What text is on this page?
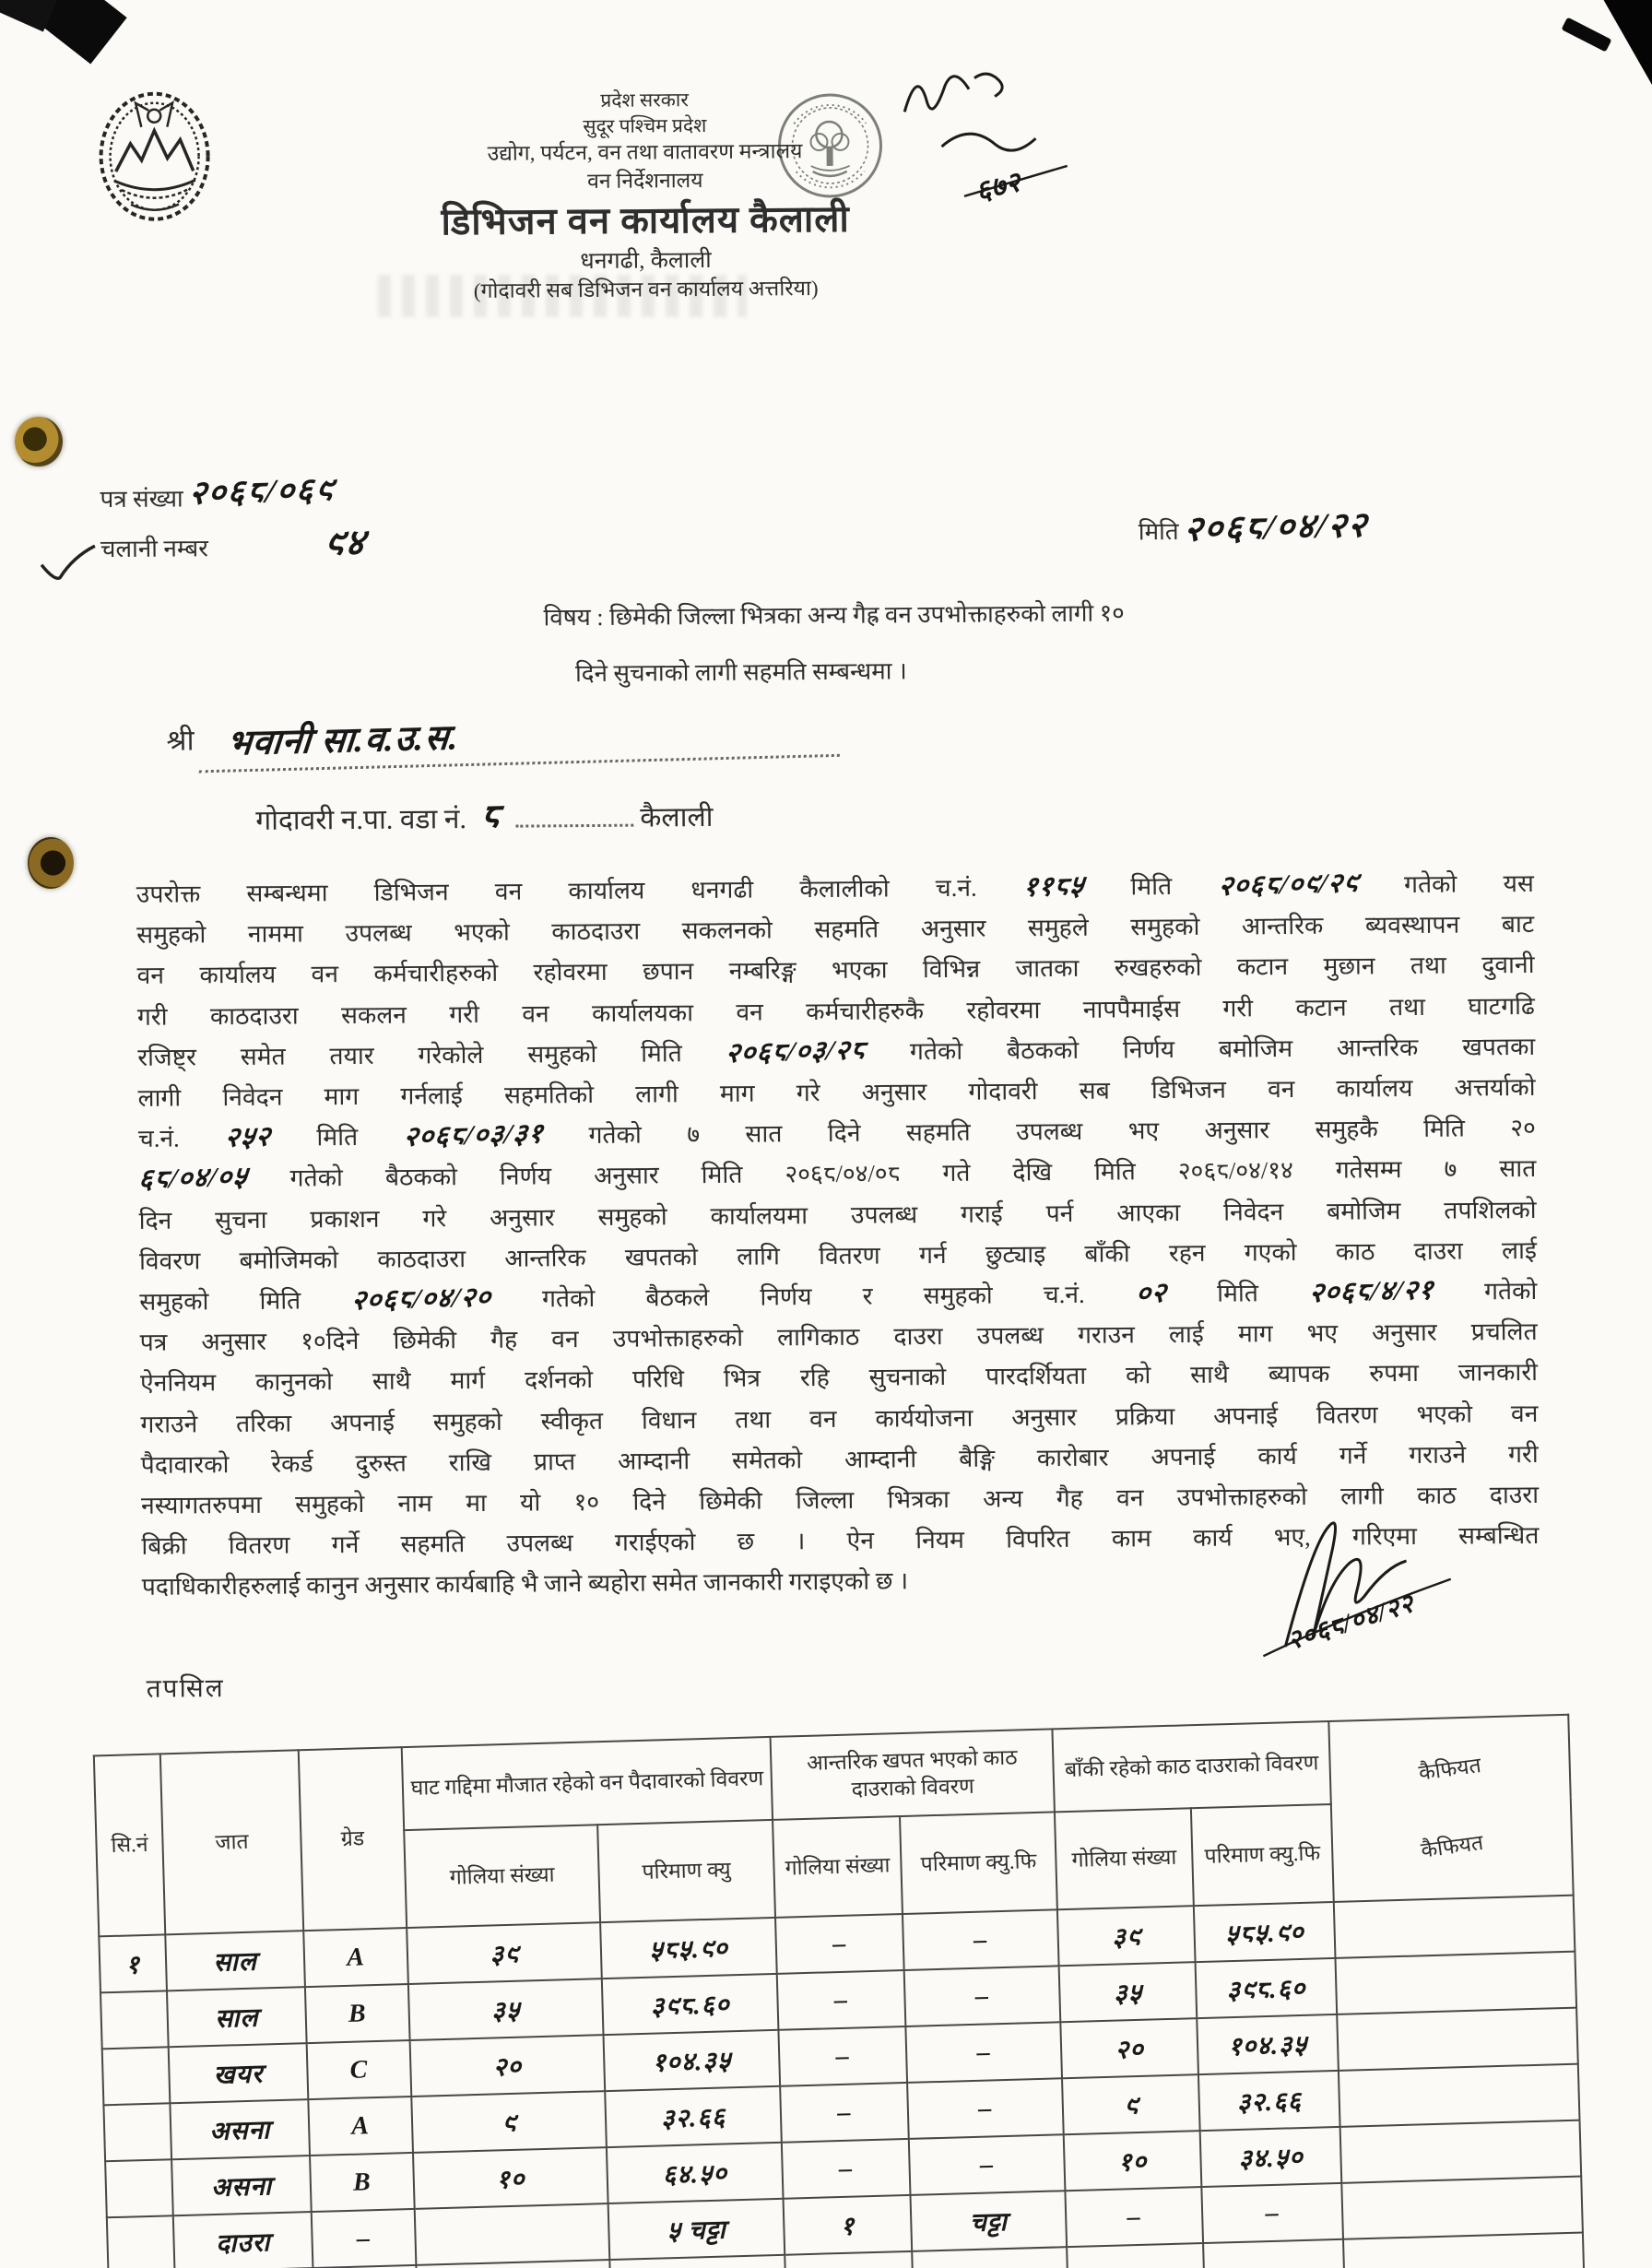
६७२
प्रदेश सरकार
सुदूर पश्चिम प्रदेश
उद्योग, पर्यटन, वन तथा वातावरण मन्त्रालय
वन निर्देशनालय
डिभिजन वन कार्यालय कैलाली
धनगढी, कैलाली
(गोदावरी सब डिभिजन वन कार्यालय अत्तरिया)
पत्र संख्या २०६८/०६९
चलानी नम्बर	९४	मिति २०६८/०४/२२
विषय : छिमेकी जिल्ला भित्रका अन्य गैह्र वन उपभोक्ताहरुको लागी १०
दिने सुचनाको लागी सहमति सम्बन्धमा ।
श्री भवानी सा.व.उ.स.
गोदावरी न.पा. वडा नं. ८	कैलाली
उपरोक्त सम्बन्धमा डिभिजन वन कार्यालय धनगढी कैलालीको च.नं. ११८५ मिति २०६८/०९/२९ गतेको यस
समुहको नाममा उपलब्ध भएको काठदाउरा सकलनको सहमति अनुसार समुहले समुहको आन्तरिक ब्यवस्थापन बाट
वन कार्यालय वन कर्मचारीहरुको रहोवरमा छपान नम्बरिङ्ग भएका विभिन्न जातका रुखहरुको कटान मुछान तथा दुवानी
गरी काठदाउरा सकलन गरी वन कार्यालयका वन कर्मचारीहरुकै रहोवरमा नापपैमाईस गरी कटान तथा घाटगढि
रजिष्ट्र समेत तयार गरेकोले समुहको मिति २०६८/०३/२८ गतेको बैठकको निर्णय बमोजिम आन्तरिक खपतका
लागी निवेदन माग गर्नलाई सहमतिको लागी माग गरे अनुसार गोदावरी सब डिभिजन वन कार्यालय अत्तर्याको
च.नं. २५२ मिति २०६८/०३/३१ गतेको ७ सात दिने सहमति उपलब्ध भए अनुसार समुहकै मिति २०
६८/०४/०५ गतेको बैठकको निर्णय अनुसार मिति २०६८/०४/०८ गते देखि मिति २०६८/०४/१४ गतेसम्म ७ सात
दिन सुचना प्रकाशन गरे अनुसार समुहको कार्यालयमा उपलब्ध गराई पर्न आएका निवेदन बमोजिम तपशिलको
विवरण बमोजिमको काठदाउरा आन्तरिक खपतको लागि वितरण गर्न छुट्याइ बाँकी रहन गएको काठ दाउरा लाई
समुहको मिति २०६८/०४/२० गतेको बैठकले निर्णय र समुहको च.नं. ०२ मिति २०६८/४/२१ गतेको
पत्र अनुसार १०दिने छिमेकी गैह वन उपभोक्ताहरुको लागिकाठ दाउरा उपलब्ध गराउन लाई माग भए अनुसार प्रचलित
ऐननियम कानुनको साथै मार्ग दर्शनको परिधि भित्र रहि सुचनाको पारदर्शियता को साथै ब्यापक रुपमा जानकारी
गराउने तरिका अपनाई समुहको स्वीकृत विधान तथा वन कार्ययोजना अनुसार प्रक्रिया अपनाई वितरण भएको वन
पैदावारको रेकर्ड दुरुस्त राखि प्राप्त आम्दानी समेतको आम्दानी बैङ्गि कारोबार अपनाई कार्य गर्ने गराउने गरी
नस्यागतरुपमा समुहको नाम मा यो १० दिने छिमेकी जिल्ला भित्रका अन्य गैह वन उपभोक्ताहरुको लागी काठ दाउरा
बिक्री वितरण गर्ने सहमति उपलब्ध गराईएको छ । ऐन नियम विपरित काम कार्य भए, गरिएमा सम्बन्धित
पदाधिकारीहरुलाई कानुन अनुसार कार्यबाहि भै जाने ब्यहोरा समेत जानकारी गराइएको छ ।
२०६८/०४/२२
तपसिल
सि.नं	जात	ग्रेड	घाट गद्दिमा मौजात रहेको वन पैदावारको विवरण		आन्तरिक खपत भएको काठ दाउराको विवरण		बाँकी रहेको काठ दाउराको विवरण		कैफियत
कैफियत

			गोलिया संख्या	परिमाण क्यु	गोलिया संख्या	परिमाण क्यु.फि	गोलिया संख्या	परिमाण क्यु.फि	
१	साल	A	३९	५८५.९०	–	–	३९	५८५.९०	
	साल	B	३५	३९८.६०	–	–	३५	३९८.६०	
	खयर	C	२०	१०४.३५	–	–	२०	१०४.३५	
	असना	A	९	३२.६६	–	–	९	३२.६६	
	असना	B	१०	६४.५०	–	–	१०	३४.५०	
	दाउरा	–		५ चट्टा	१	चट्टा	–	–	
